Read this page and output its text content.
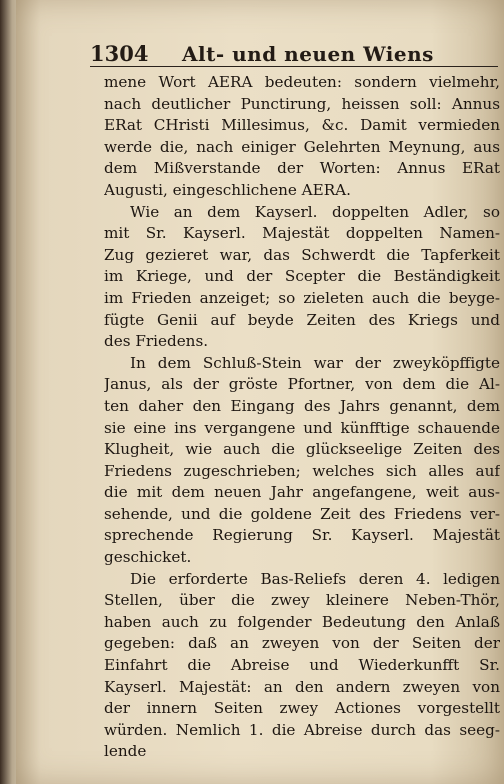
1304 Alt- und neuen Wiens
mene Wort AERA bedeuten: sondern vielmehr,
nach deutlicher Punctirung, heissen soll: Annus
ERat CHristi Millesimus, &c. Damit vermieden
werde die, nach einiger Gelehrten Meynung, aus
dem Mißverstande der Worten: Annus ERat
Augusti, eingeschlichene AERA.
Wie an dem Kayserl. doppelten Adler, so
mit Sr. Kayserl. Majestät doppelten Namen-
Zug gezieret war, das Schwerdt die Tapferkeit
im Kriege, und der Scepter die Beständigkeit
im Frieden anzeiget; so zieleten auch die beyge-
fügte Genii auf beyde Zeiten des Kriegs und
des Friedens.
In dem Schluß-Stein war der zweyköpffigte
Janus, als der gröste Pfortner, von dem die Al-
ten daher den Eingang des Jahrs genannt, dem
sie eine ins vergangene und künfftige schauende
Klugheit, wie auch die glückseelige Zeiten des
Friedens zugeschrieben; welches sich alles auf
die mit dem neuen Jahr angefangene, weit aus-
sehende, und die goldene Zeit des Friedens ver-
sprechende Regierung Sr. Kayserl. Majestät
geschicket.
Die erforderte Bas-Reliefs deren 4. ledigen
Stellen, über die zwey kleinere Neben-Thör,
haben auch zu folgender Bedeutung den Anlaß
gegeben: daß an zweyen von der Seiten der
Einfahrt die Abreise und Wiederkunfft Sr.
Kayserl. Majestät: an den andern zweyen von
der innern Seiten zwey Actiones vorgestellt
würden. Nemlich 1. die Abreise durch das seeg-
lende
